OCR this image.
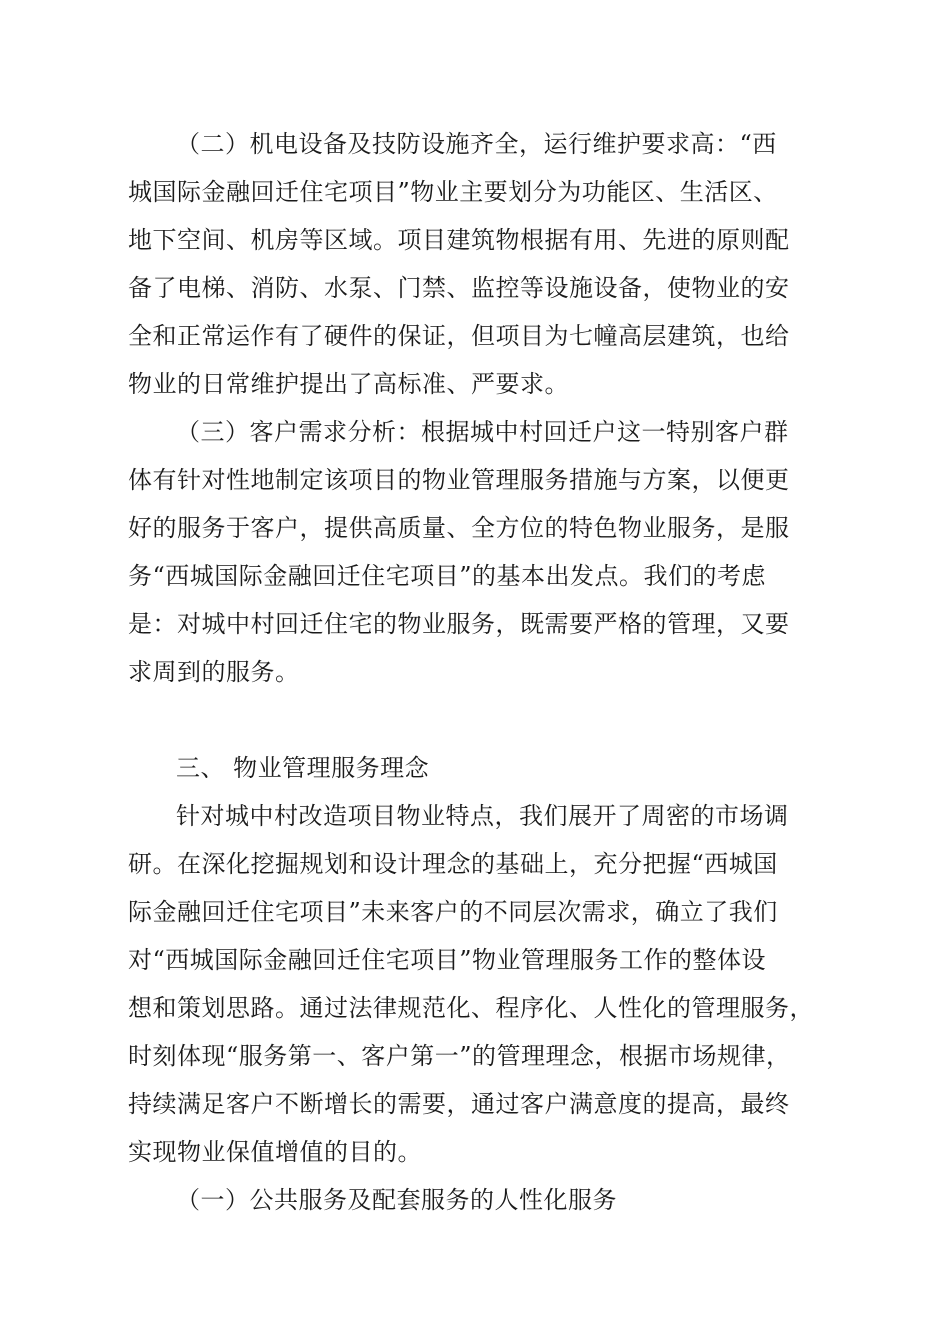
（二）机电设备及技防设施齐全，运行维护要求高：“西

城国际金融回迁住宅项目”物业主要划分为功能区、生活区、

地下空间、机房等区域。项目建筑物根据有用、先进的原则配

备了电梯、消防、水泵、门禁、监控等设施设备，使物业的安

全和正常运作有了硬件的保证，但项目为七幢高层建筑，也给

物业的日常维护提出了高标准、严要求。

（三）客户需求分析：根据城中村回迁户这一特别客户群

体有针对性地制定该项目的物业管理服务措施与方案，以便更

好的服务于客户，提供高质量、全方位的特色物业服务，是服

务“西城国际金融回迁住宅项目”的基本出发点。我们的考虑

是：对城中村回迁住宅的物业服务，既需要严格的管理，又要

求周到的服务。

三、 物业管理服务理念

针对城中村改造项目物业特点，我们展开了周密的市场调

研。在深化挖掘规划和设计理念的基础上，充分把握“西城国

际金融回迁住宅项目”未来客户的不同层次需求，确立了我们

对“西城国际金融回迁住宅项目”物业管理服务工作的整体设

想和策划思路。通过法律规范化、程序化、人性化的管理服务，

时刻体现“服务第一、客户第一”的管理理念，根据市场规律，

持续满足客户不断增长的需要，通过客户满意度的提高，最终

实现物业保值增值的目的。

（一）公共服务及配套服务的人性化服务
